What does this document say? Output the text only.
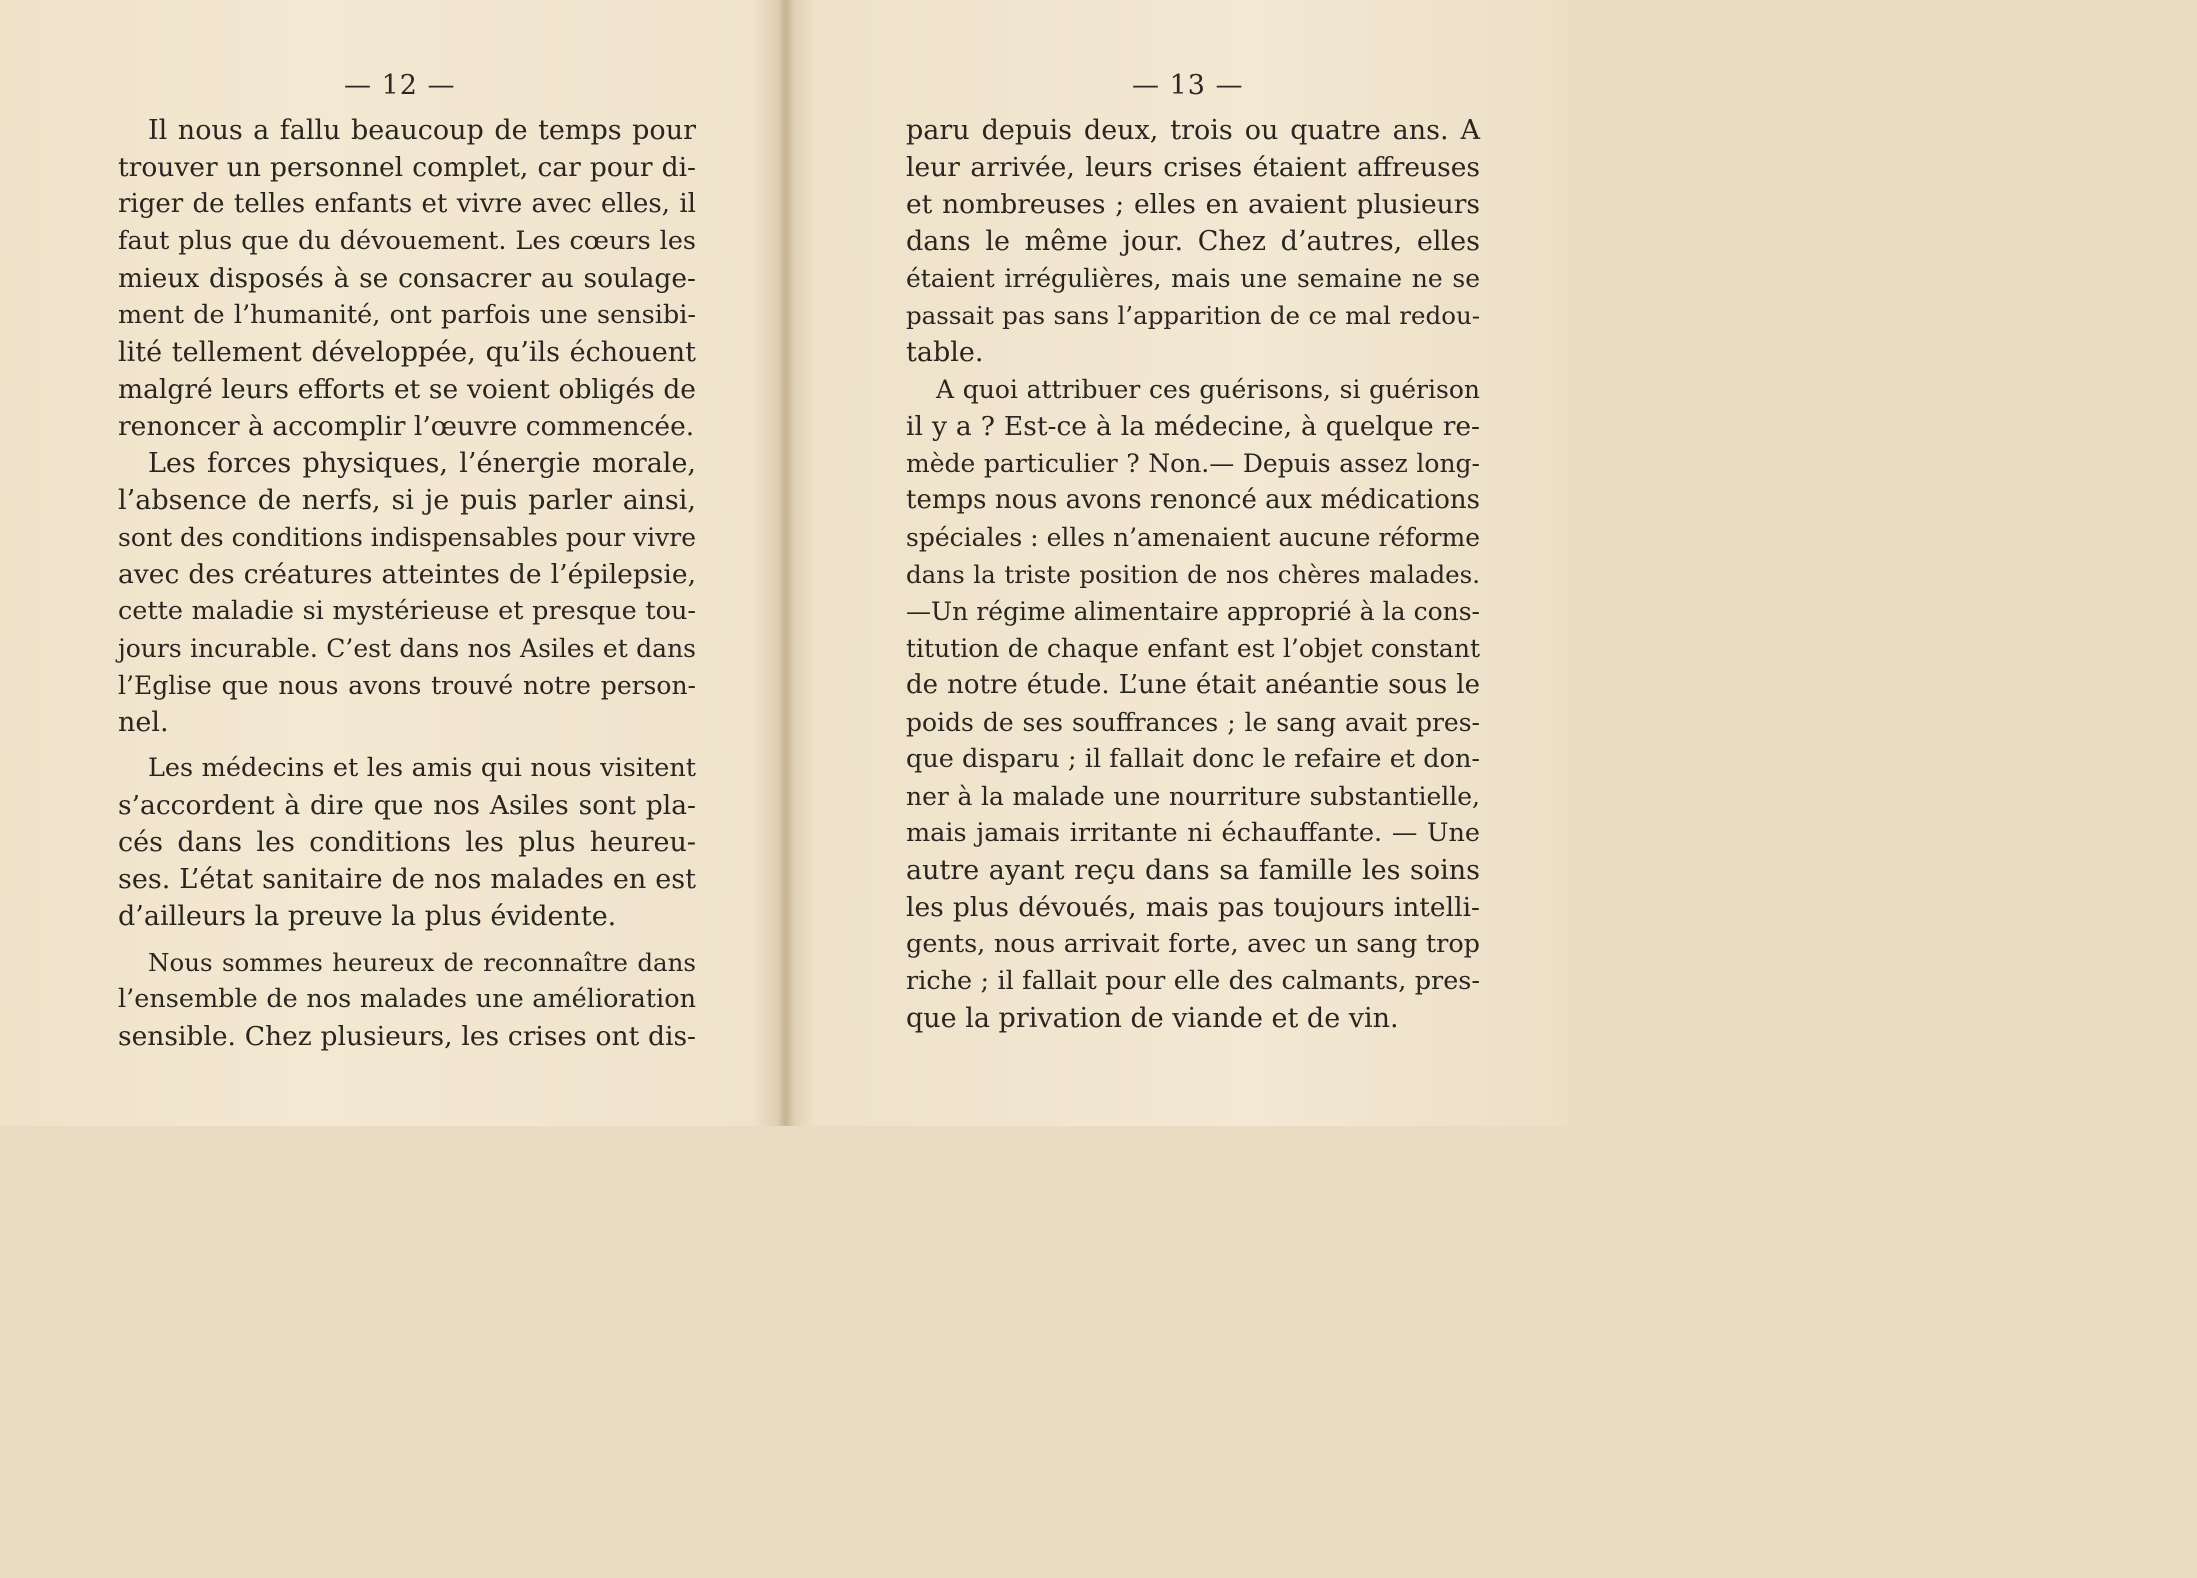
— 12 —
Il nous a fallu beaucoup de temps pour
trouver un personnel complet, car pour di-
riger de telles enfants et vivre avec elles, il
faut plus que du dévouement. Les cœurs les
mieux disposés à se consacrer au soulage-
ment de l’humanité, ont parfois une sensibi-
lité tellement développée, qu’ils échouent
malgré leurs efforts et se voient obligés de
renoncer à accomplir l’œuvre commencée.
Les forces physiques, l’énergie morale,
l’absence de nerfs, si je puis parler ainsi,
sont des conditions indispensables pour vivre
avec des créatures atteintes de l’épilepsie,
cette maladie si mystérieuse et presque tou-
jours incurable. C’est dans nos Asiles et dans
l’Eglise que nous avons trouvé notre person-
nel.
Les médecins et les amis qui nous visitent
s’accordent à dire que nos Asiles sont pla-
cés dans les conditions les plus heureu-
ses. L’état sanitaire de nos malades en est
d’ailleurs la preuve la plus évidente.
Nous sommes heureux de reconnaître dans
l’ensemble de nos malades une amélioration
sensible. Chez plusieurs, les crises ont dis-
— 13 —
paru depuis deux, trois ou quatre ans. A
leur arrivée, leurs crises étaient affreuses
et nombreuses ; elles en avaient plusieurs
dans le même jour. Chez d’autres, elles
étaient irrégulières, mais une semaine ne se
passait pas sans l’apparition de ce mal redou-
table.
A quoi attribuer ces guérisons, si guérison
il y a ? Est-ce à la médecine, à quelque re-
mède particulier ? Non.— Depuis assez long-
temps nous avons renoncé aux médications
spéciales : elles n’amenaient aucune réforme
dans la triste position de nos chères malades.
—Un régime alimentaire approprié à la cons-
titution de chaque enfant est l’objet constant
de notre étude. L’une était anéantie sous le
poids de ses souffrances ; le sang avait pres-
que disparu ; il fallait donc le refaire et don-
ner à la malade une nourriture substantielle,
mais jamais irritante ni échauffante. — Une
autre ayant reçu dans sa famille les soins
les plus dévoués, mais pas toujours intelli-
gents, nous arrivait forte, avec un sang trop
riche ; il fallait pour elle des calmants, pres-
que la privation de viande et de vin.
